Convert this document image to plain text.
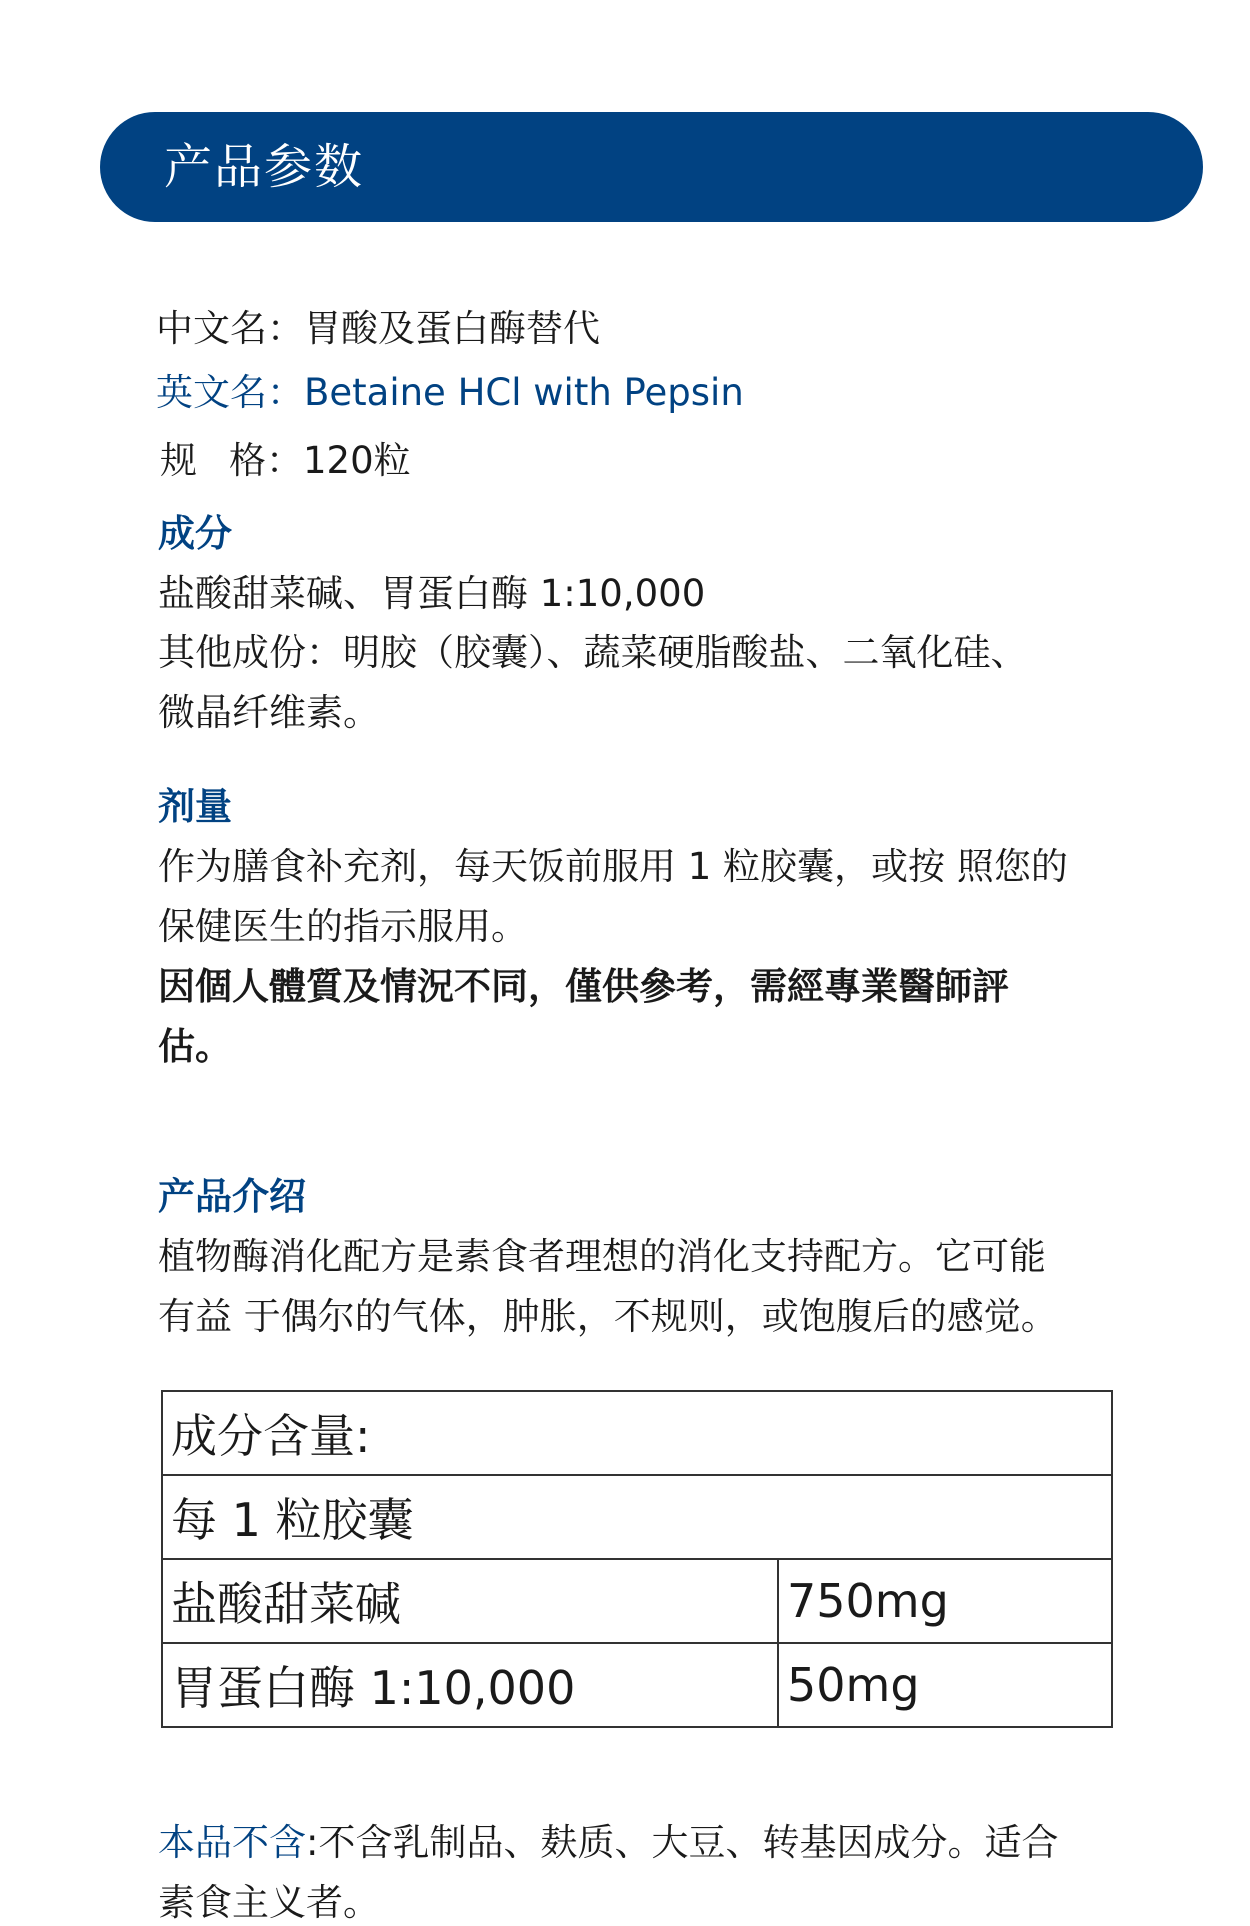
产品参数
中文名：胃酸及蛋白酶替代
英文名：Betaine HCl with Pepsin
规 格：120粒
成分
盐酸甜菜碱、胃蛋白酶 1:10,000
其他成份：明胶（胶囊）、蔬菜硬脂酸盐、二氧化硅、
微晶纤维素。
剂量
作为膳食补充剂，每天饭前服用 1 粒胶囊，或按 照您的
保健医生的指示服用。
因個人體質及情況不同，僅供參考，需經專業醫師評
估。
产品介绍
植物酶消化配方是素食者理想的消化支持配方。它可能
有益 于偶尔的气体，肿胀，不规则，或饱腹后的感觉。
成分含量:	
每 1 粒胶囊	
盐酸甜菜碱	750mg
胃蛋白酶 1:10,000	50mg
本品不含:不含乳制品、麸质、大豆、转基因成分。适合
素食主义者。
